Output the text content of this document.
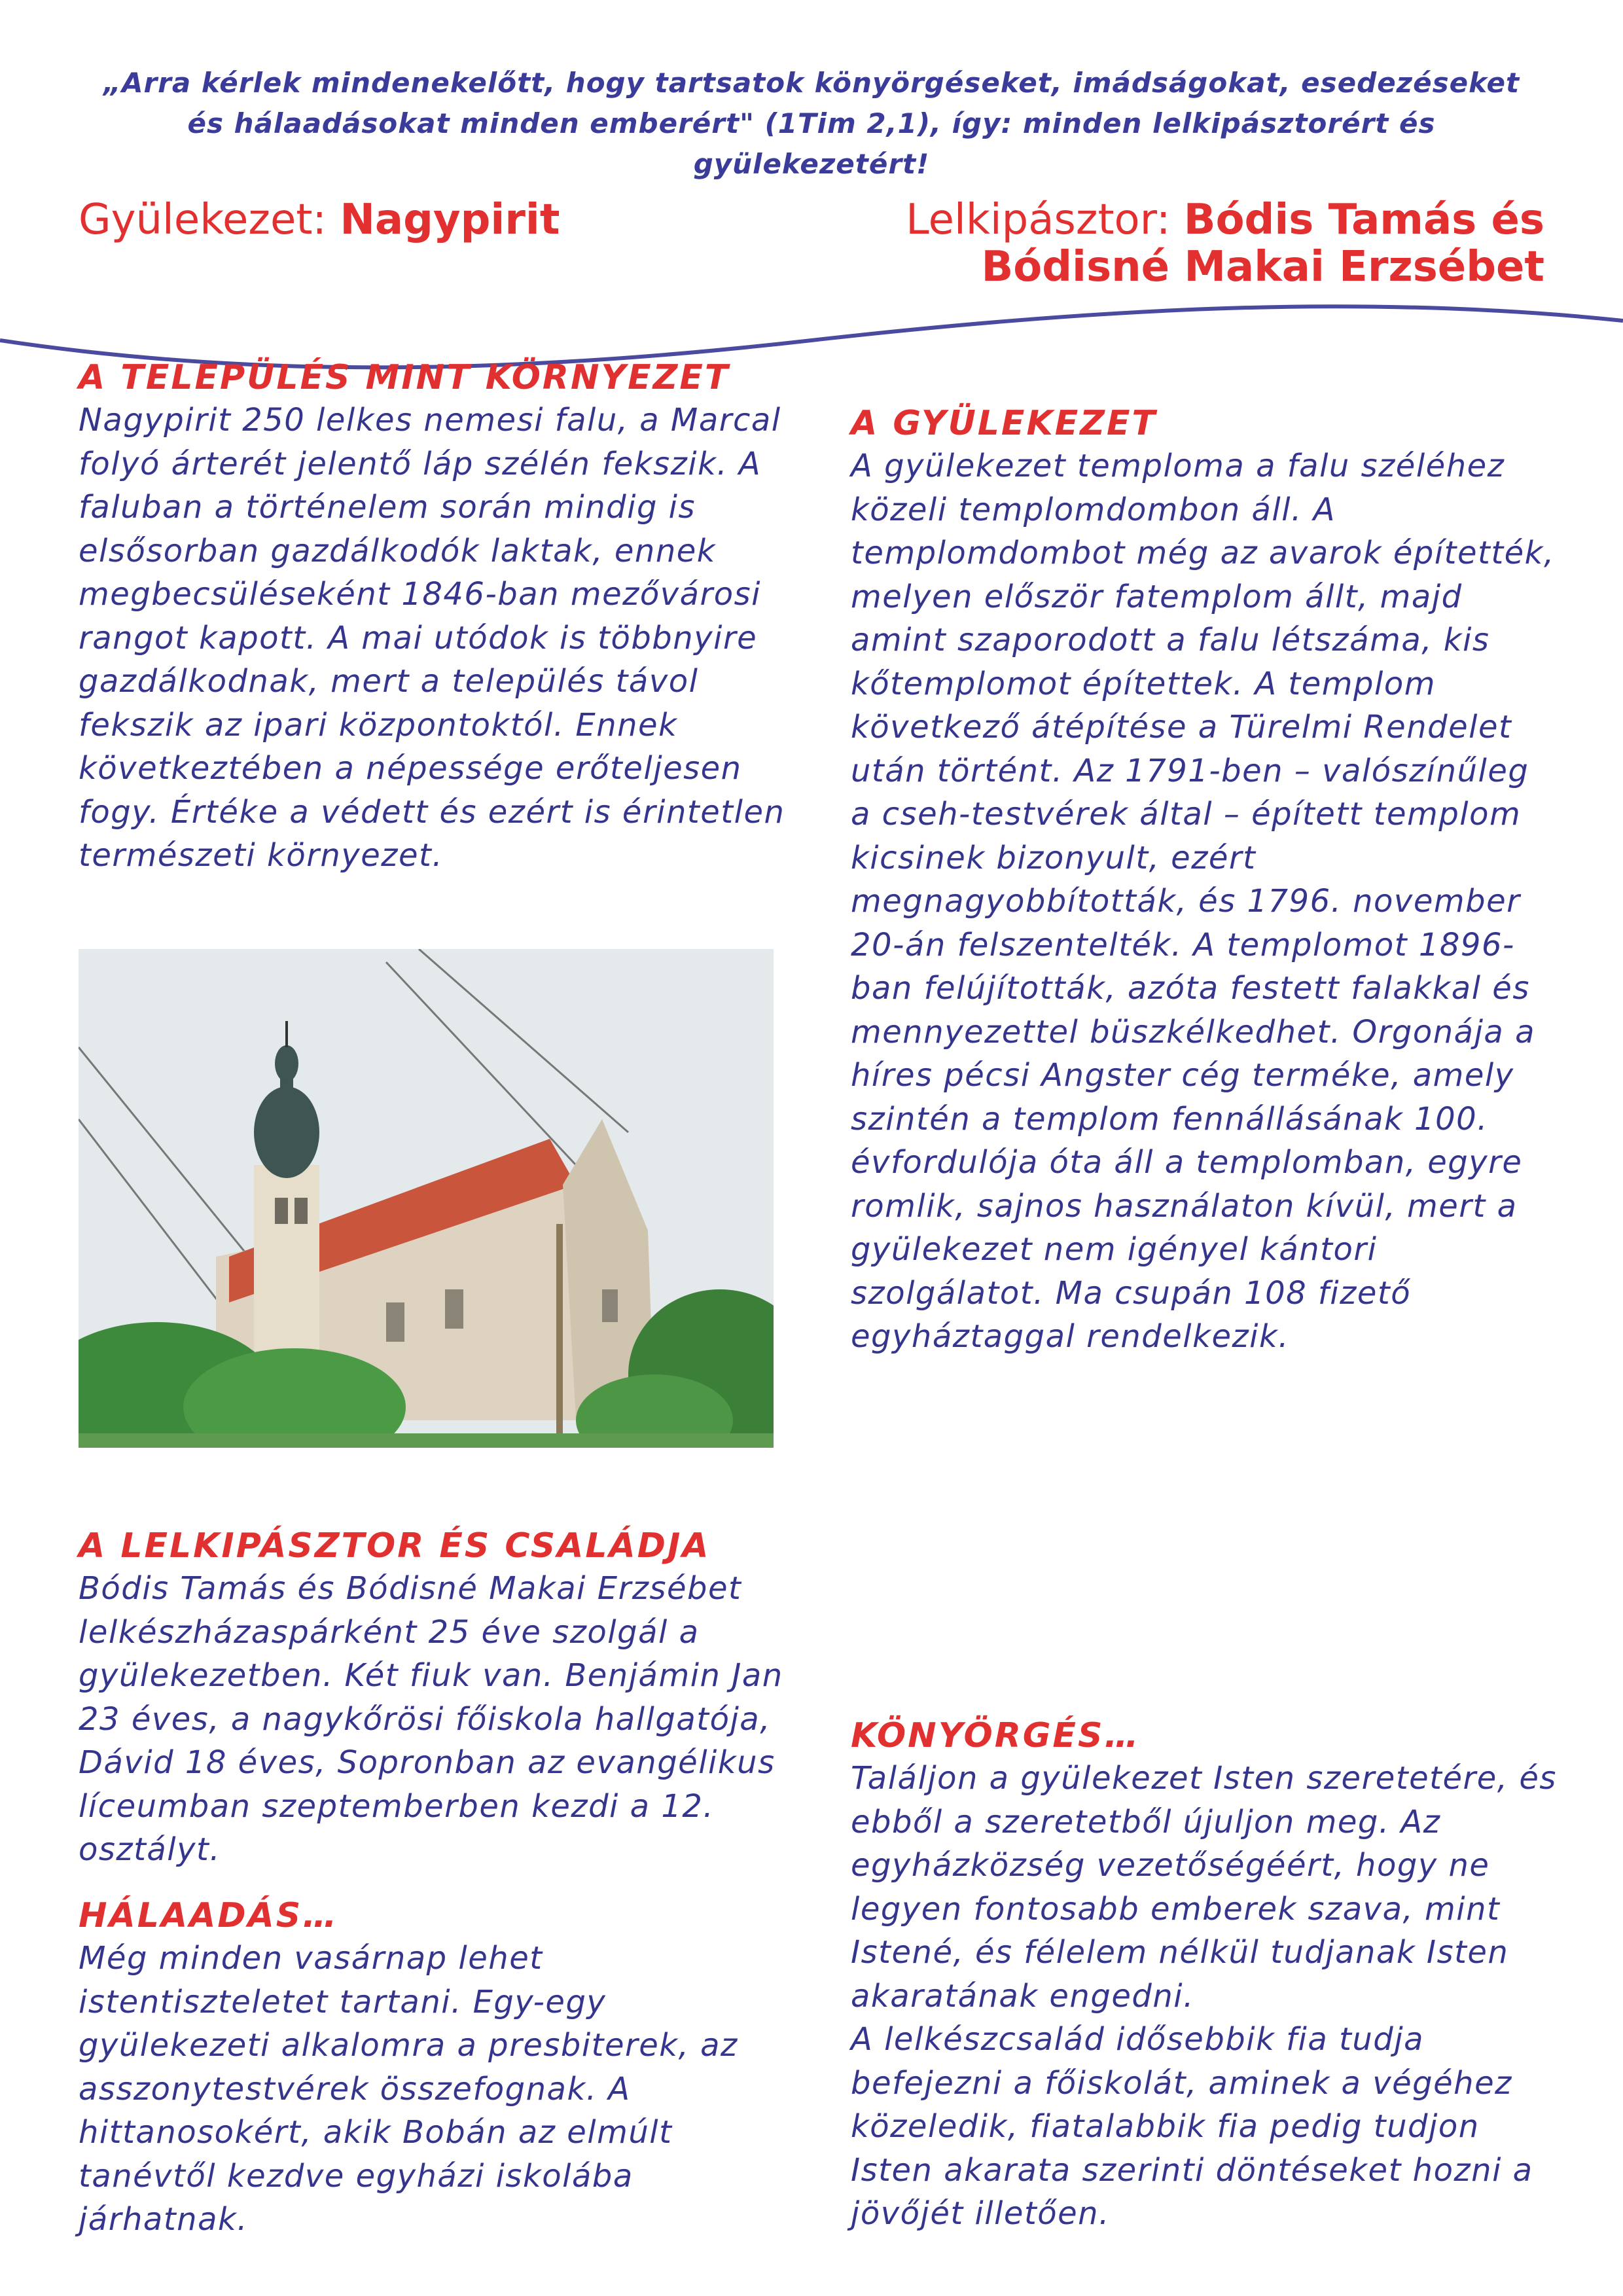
„Arra kérlek mindenekelőtt, hogy tartsatok könyörgéseket, imádságokat, esedezéseket és hálaadásokat minden emberért" (1Tim 2,1), így: minden lelkipásztorért és gyülekezetért!
Gyülekezet: Nagypirit	Lelkipásztor: Bódis Tamás és
Bódisné Makai Erzsébet
A TELEPÜLÉS MINT KÖRNYEZET

Nagypirit 250 lelkes nemesi falu, a Marcal folyó árterét jelentő láp szélén fekszik. A faluban a történelem során mindig is elsősorban gazdálkodók laktak, ennek megbecsüléseként 1846-ban mezővárosi rangot kapott. A mai utódok is többnyire gazdálkodnak, mert a település távol fekszik az ipari központoktól. Ennek következtében a népessége erőteljesen fogy. Értéke a védett és ezért is érintetlen természeti környezet.

A GYÜLEKEZET

A gyülekezet temploma a falu széléhez közeli templomdombon áll. A templomdombot még az avarok építették, melyen először fatemplom állt, majd amint szaporodott a falu létszáma, kis kőtemplomot építettek. A templom következő átépítése a Türelmi Rendelet után történt. Az 1791-ben – valószínűleg a cseh-testvérek által – épített templom kicsinek bizonyult, ezért megnagyobbították, és 1796. november 20-án felszentelték. A templomot 1896-ban felújították, azóta festett falakkal és mennyezettel büszkélkedhet. Orgonája a híres pécsi Angster cég terméke, amely szintén a templom fennállásának 100. évfordulója óta áll a templomban, egyre romlik, sajnos használaton kívül, mert a gyülekezet nem igényel kántori szolgálatot. Ma csupán 108 fizető egyháztaggal rendelkezik.

A LELKIPÁSZTOR ÉS CSALÁDJA

Bódis Tamás és Bódisné Makai Erzsébet lelkészházaspárként 25 éve szolgál a gyülekezetben. Két fiuk van. Benjámin Jan 23 éves, a nagykőrösi főiskola hallgatója, Dávid 18 éves, Sopronban az evangélikus líceumban szeptemberben kezdi a 12. osztályt.

HÁLAADÁS…

Még minden vasárnap lehet istentiszteletet tartani. Egy-egy gyülekezeti alkalomra a presbiterek, az asszonytestvérek összefognak. A hittanosokért, akik Bobán az elmúlt tanévtől kezdve egyházi iskolába járhatnak.

KÖNYÖRGÉS…

Találjon a gyülekezet Isten szeretetére, és ebből a szeretetből újuljon meg. Az egyházközség vezetőségéért, hogy ne legyen fontosabb emberek szava, mint Istené, és félelem nélkül tudjanak Isten akaratának engedni.

A lelkészcsalád idősebbik fia tudja befejezni a főiskolát, aminek a végéhez közeledik, fiatalabbik fia pedig tudjon Isten akarata szerinti döntéseket hozni a jövőjét illetően.
